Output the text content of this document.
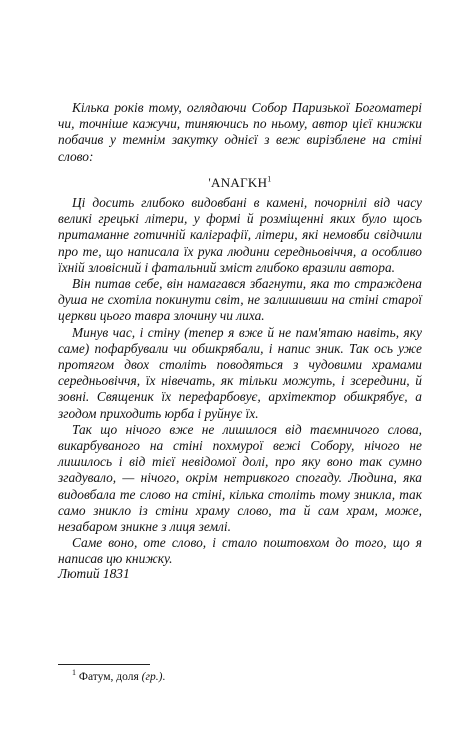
Кілька років тому, оглядаючи Собор Паризької Богоматері чи, точніше кажучи, тиняючись по ньому, автор цієї книжки побачив у темнім закутку однієї з веж вирізблене на стіні слово:

'ΑΝΑΓΚΗ$^1$

Ці досить глибоко видовбані в камені, почорнілі від часу великі грецькі літери, у формі й розміщенні яких було щось притаманне готичній каліграфії, літери, які немовби свідчили про те, що написала їх рука людини середньовіччя, а особливо їхній зловісний і фатальний зміст глибоко вразили автора.

Він питав себе, він намагався збагнути, яка то страждена душа не схотіла покинути світ, не залишивши на стіні старої церкви цього тавра злочину чи лиха.

Минув час, і стіну (тепер я вже й не пам'ятаю навіть, яку саме) пофарбували чи обшкрябали, і напис зник. Так ось уже протягом двох століть поводяться з чудовими храмами середньовіччя, їх нівечать, як тільки можуть, і зсередини, й зовні. Священик їх перефарбовує, архітектор обшкрябує, а згодом приходить юрба і руйнує їх.

Так що нічого вже не лишилося від таємничого слова, викарбуваного на стіні похмурої вежі Собору, нічого не лишилось і від тієї невідомої долі, про яку воно так сумно згадувало, — нічого, окрім нетривкого спогаду. Людина, яка видовбала те слово на стіні, кілька століть тому зникла, так само зникло із стіни храму слово, та й сам храм, може, незабаром зникне з лиця землі.

Саме воно, оте слово, і стало поштовхом до того, що я написав цю книжку.

Лютий 1831
$^1$ Фатум, доля (гр.).
